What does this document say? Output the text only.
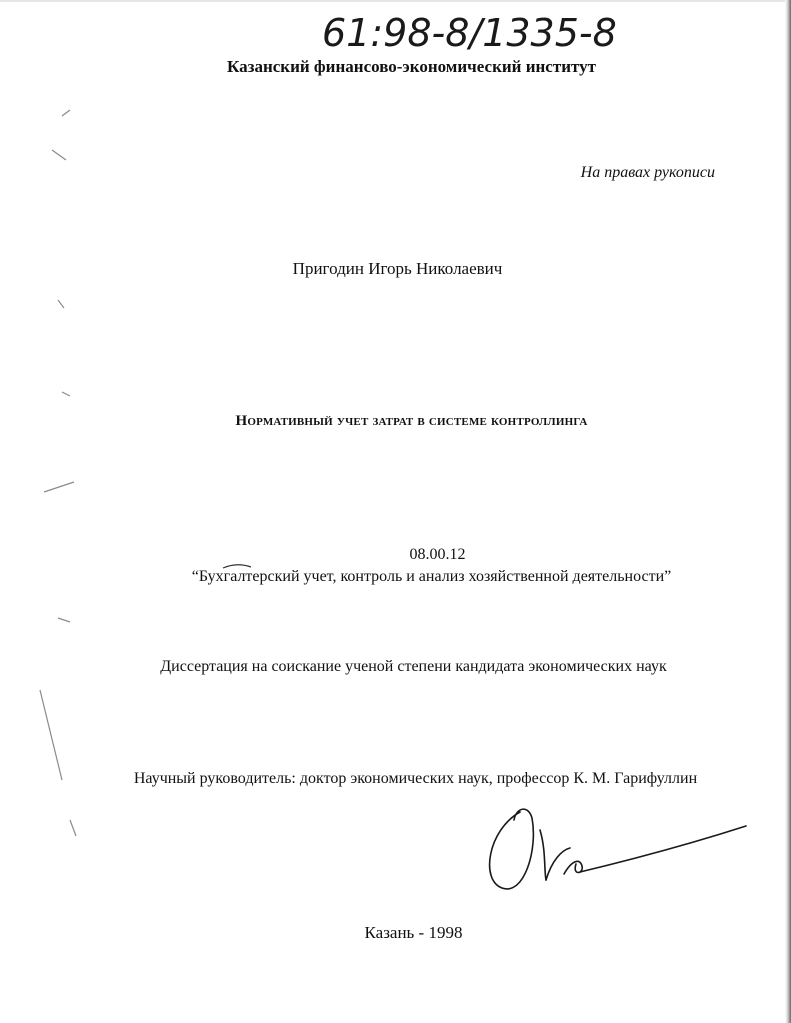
61:98-8/1335-8

Казанский финансово-экономический институт

На правах рукописи

Пригодин Игорь Николаевич

Нормативный учет затрат в системе контроллинга

08.00.12

“Бухгалтерский учет, контроль и анализ хозяйственной деятельности”

Диссертация на соискание ученой степени кандидата экономических наук

Научный руководитель: доктор экономических наук, профессор К. М. Гарифуллин

Казань - 1998
